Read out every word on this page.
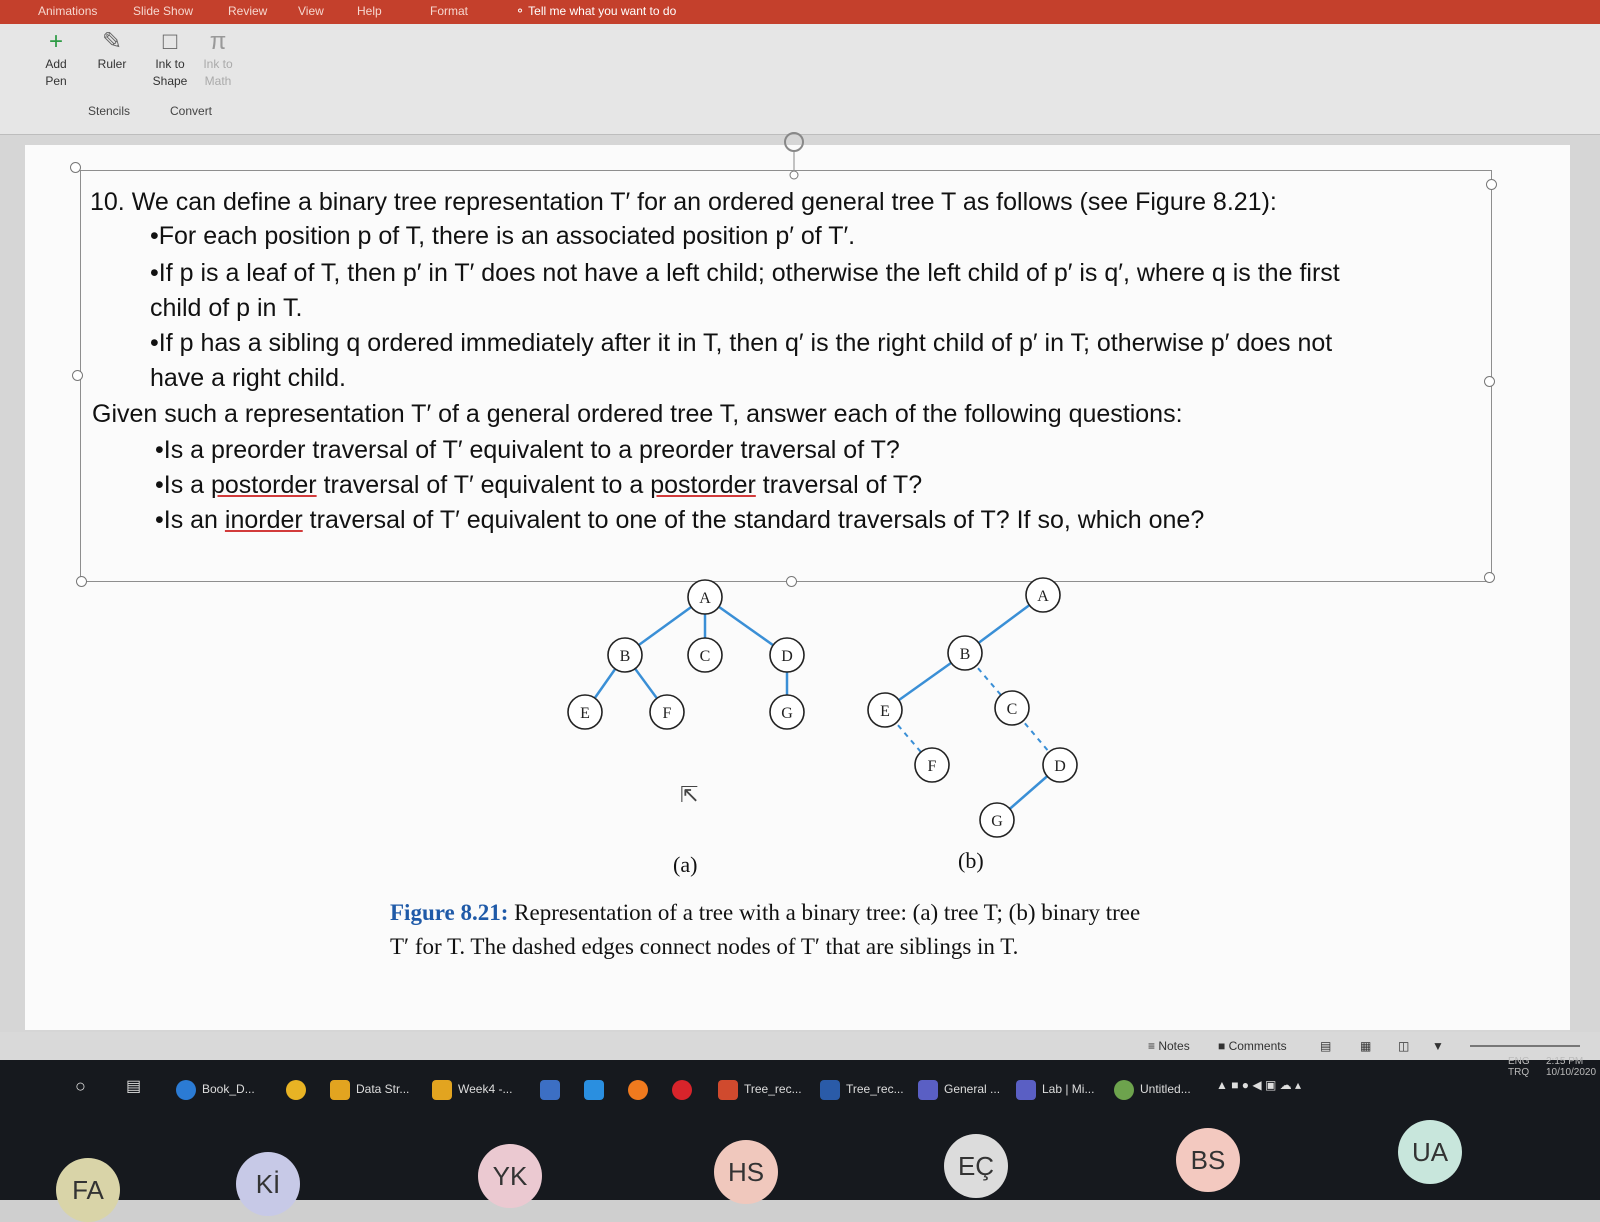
Animations	Slide Show	Review	View	Help	Format	⚬ Tell me what you want to do
+
Add Pen
✎
Ruler
□
Ink to Shape
π
Ink to Math
Stencils	Convert
10. We can define a binary tree representation T′ for an ordered general tree T as follows (see Figure 8.21):
•For each position p of T, there is an associated position p′ of T′.
•If p is a leaf of T, then p′ in T′ does not have a left child; otherwise the left child of p′ is q′, where q is the first
child of p in T.
•If p has a sibling q ordered immediately after it in T, then q′ is the right child of p′ in T; otherwise p′ does not
have a right child.
Given such a representation T′ of a general ordered tree T, answer each of the following questions:
•Is a preorder traversal of T′ equivalent to a preorder traversal of T?
•Is a postorder traversal of T′ equivalent to a postorder traversal of T?
•Is an inorder traversal of T′ equivalent to one of the standard traversals of T? If so, which one?
A
B	C	D
E	F	G
A
B
C
D
E
F
G
(a)	(b)
⇱
Figure 8.21: Representation of a tree with a binary tree: (a) tree T; (b) binary tree
T′ for T. The dashed edges connect nodes of T′ that are siblings in T.
≡ Notes ■ Comments	▤ ▦ ◫ ▼
○	▤	Book_D...	Data Str...	Week4 -...	Tree_rec...	Tree_rec...	General ...	Lab | Mi...	Untitled... ▲ ■ ● ◀ ▣ ☁ ▴
ENG
TRQ
2:15 PM
10/10/2020
FA	Kİ	YK	HS	EÇ	BS	UA
